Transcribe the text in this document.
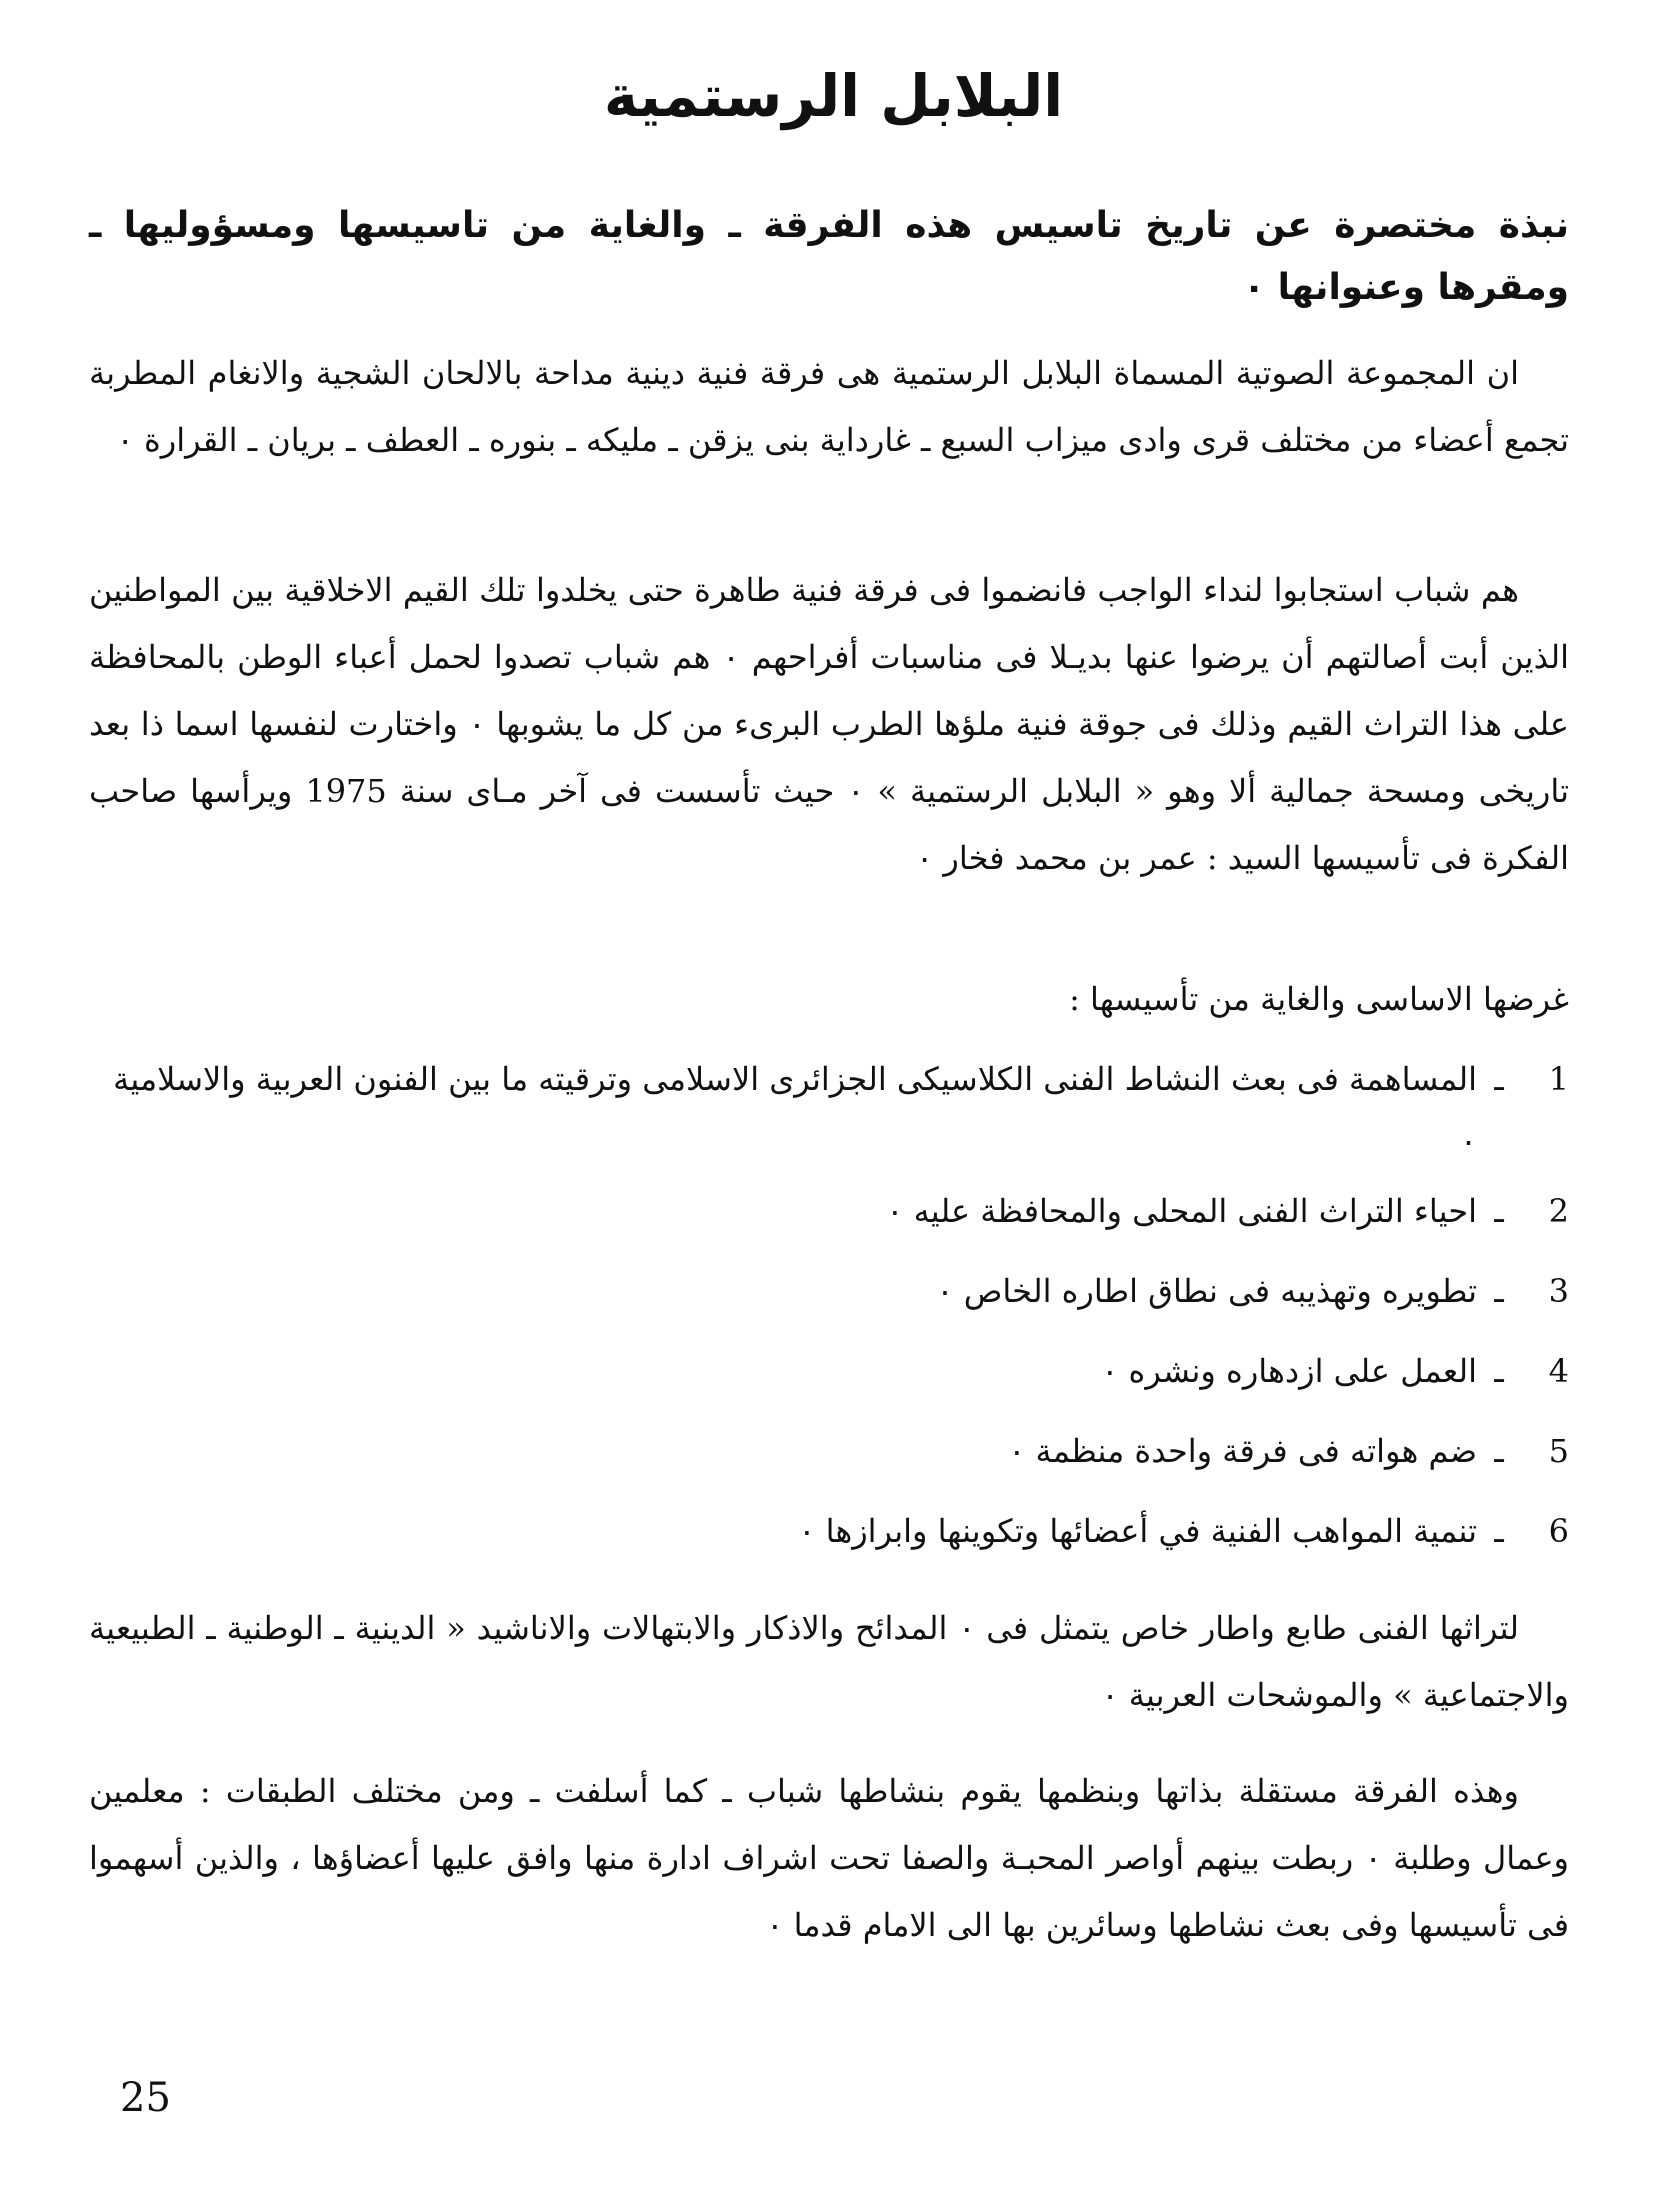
البلابل الرستمية
نبذة مختصرة عن تاريخ تاسيس هذه الفرقة ـ والغاية من تاسيسها ومسؤوليها ـ ومقرها وعنوانها ٠

ان المجموعة الصوتية المسماة البلابل الرستمية هى فرقة فنية دينية مداحة بالالحان الشجية والانغام المطربة تجمع أعضاء من مختلف قرى وادى ميزاب السبع ـ غارداية بنى يزقن ـ مليكه ـ بنوره ـ العطف ـ بريان ـ القرارة ٠

هم شباب استجابوا لنداء الواجب فانضموا فى فرقة فنية طاهرة حتى يخلدوا تلك القيم الاخلاقية بين المواطنين الذين أبت أصالتهم أن يرضوا عنها بديـلا فى مناسبات أفراحهم ٠ هم شباب تصدوا لحمل أعباء الوطن بالمحافظة على هذا التراث القيم وذلك فى جوقة فنية ملؤها الطرب البرىء من كل ما يشوبها ٠ واختارت لنفسها اسما ذا بعد تاريخى ومسحة جمالية ألا وهو « البلابل الرستمية » ٠ حيث تأسست فى آخر مـاى سنة 1975 ويرأسها صاحب الفكرة فى تأسيسها السيد : عمر بن محمد فخار ٠

غرضها الاساسى والغاية من تأسيسها :

1
ـ
المساهمة فى بعث النشاط الفنى الكلاسيكى الجزائرى الاسلامى وترقيته ما بين الفنون العربية والاسلامية ٠
2
ـ
احياء التراث الفنى المحلى والمحافظة عليه ٠
3
ـ
تطويره وتهذيبه فى نطاق اطاره الخاص ٠
4
ـ
العمل على ازدهاره ونشره ٠
5
ـ
ضم هواته فى فرقة واحدة منظمة ٠
6
ـ
تنمية المواهب الفنية في أعضائها وتكوينها وابرازها ٠

لتراثها الفنى طابع واطار خاص يتمثل فى ٠ المدائح والاذكار والابتهالات والاناشيد « الدينية ـ الوطنية ـ الطبيعية والاجتماعية » والموشحات العربية ٠

وهذه الفرقة مستقلة بذاتها وبنظمها يقوم بنشاطها شباب ـ كما أسلفت ـ ومن مختلف الطبقات : معلمين وعمال وطلبة ٠ ربطت بينهم أواصر المحبـة والصفا تحت اشراف ادارة منها وافق عليها أعضاؤها ، والذين أسهموا فى تأسيسها وفى بعث نشاطها وسائرين بها الى الامام قدما ٠

25
